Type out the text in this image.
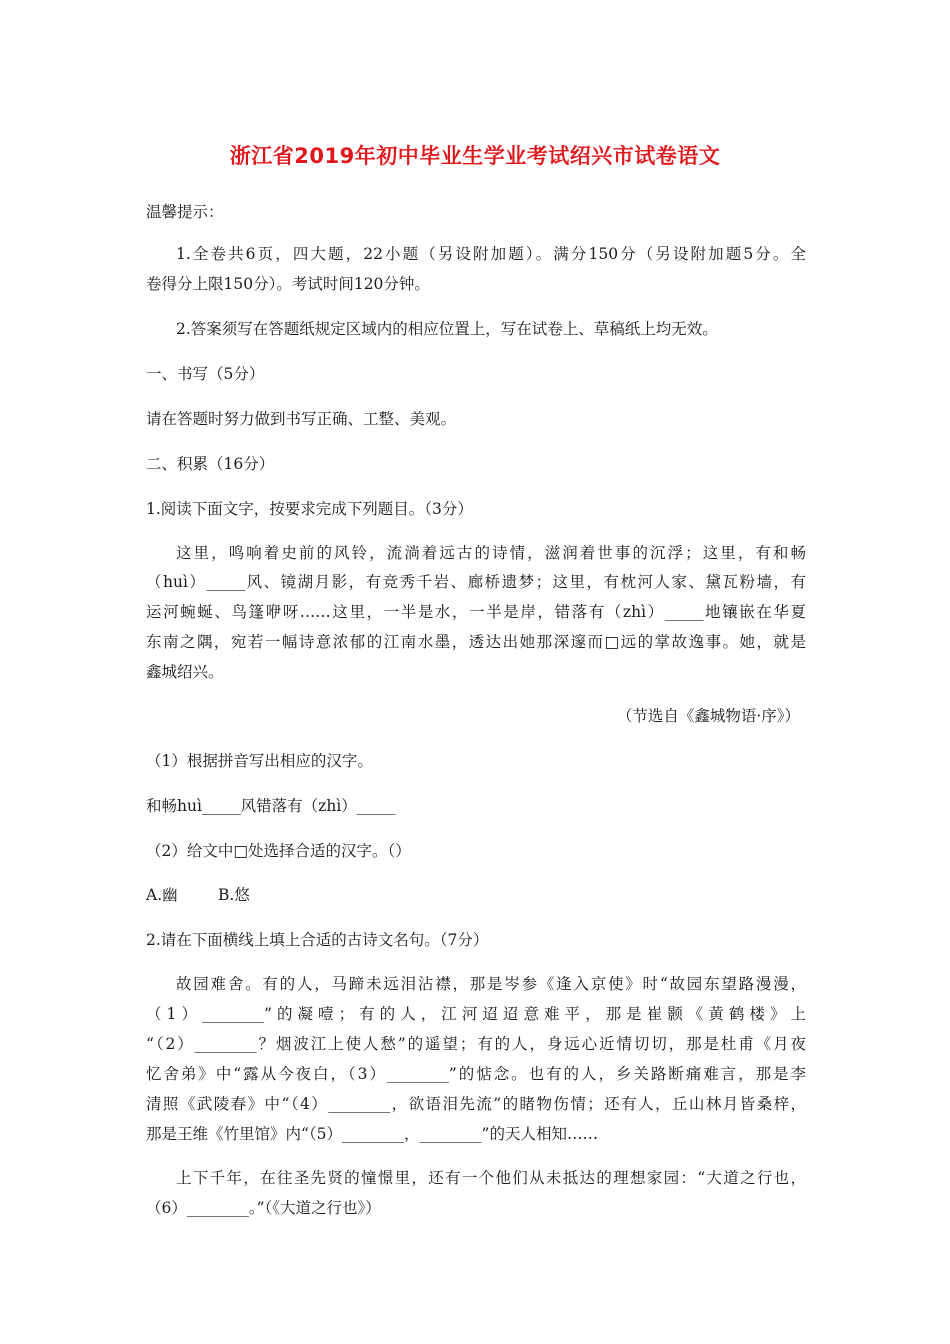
浙江省2019年初中毕业生学业考试绍兴市试卷语文
温馨提示：
1.全卷共6页，四大题，22小题（另设附加题）。满分150分（另设附加题5分。全
卷得分上限150分）。考试时间120分钟。
2.答案须写在答题纸规定区域内的相应位置上，写在试卷上、草稿纸上均无效。
一、书写（5分）
请在答题时努力做到书写正确、工整、美观。
二、积累（16分）
1.阅读下面文字，按要求完成下列题目。（3分）
这里，鸣响着史前的风铃，流淌着远古的诗情，滋润着世事的沉浮；这里，有和畅
（huì）_____风、镜湖月影，有竞秀千岩、廊桥遗梦；这里，有枕河人家、黛瓦粉墙，有
运河蜿蜒、鸟篷咿呀……这里，一半是水，一半是岸，错落有（zhì）_____地镶嵌在华夏
东南之隅，宛若一幅诗意浓郁的江南水墨，透达出她那深邃而□远的掌故逸事。她，就是
鑫城绍兴。
（节选自《鑫城物语·序》）
（1）根据拼音写出相应的汉字。
和畅huì_____风错落有（zhì）_____
（2）给文中□处选择合适的汉字。（）
A.幽	B.悠
2.请在下面横线上填上合适的古诗文名句。（7分）
故园难舍。有的人，马蹄未远泪沾襟，那是岑参《逢入京使》时“故园东望路漫漫，
（1）________”的凝噎；有的人，江河迢迢意难平，那是崔颢《黄鹤楼》上
“（2）________？烟波江上使人愁”的遥望；有的人，身远心近情切切，那是杜甫《月夜
忆舍弟》中“露从今夜白，（3）________”的惦念。也有的人，乡关路断痛难言，那是李
清照《武陵春》中“（4）________，欲语泪先流”的睹物伤情；还有人，丘山林月皆桑梓，
那是王维《竹里馆》内“（5）________，________”的天人相知……
上下千年，在往圣先贤的憧憬里，还有一个他们从未抵达的理想家园：“大道之行也，
（6）________。”（《大道之行也》）
